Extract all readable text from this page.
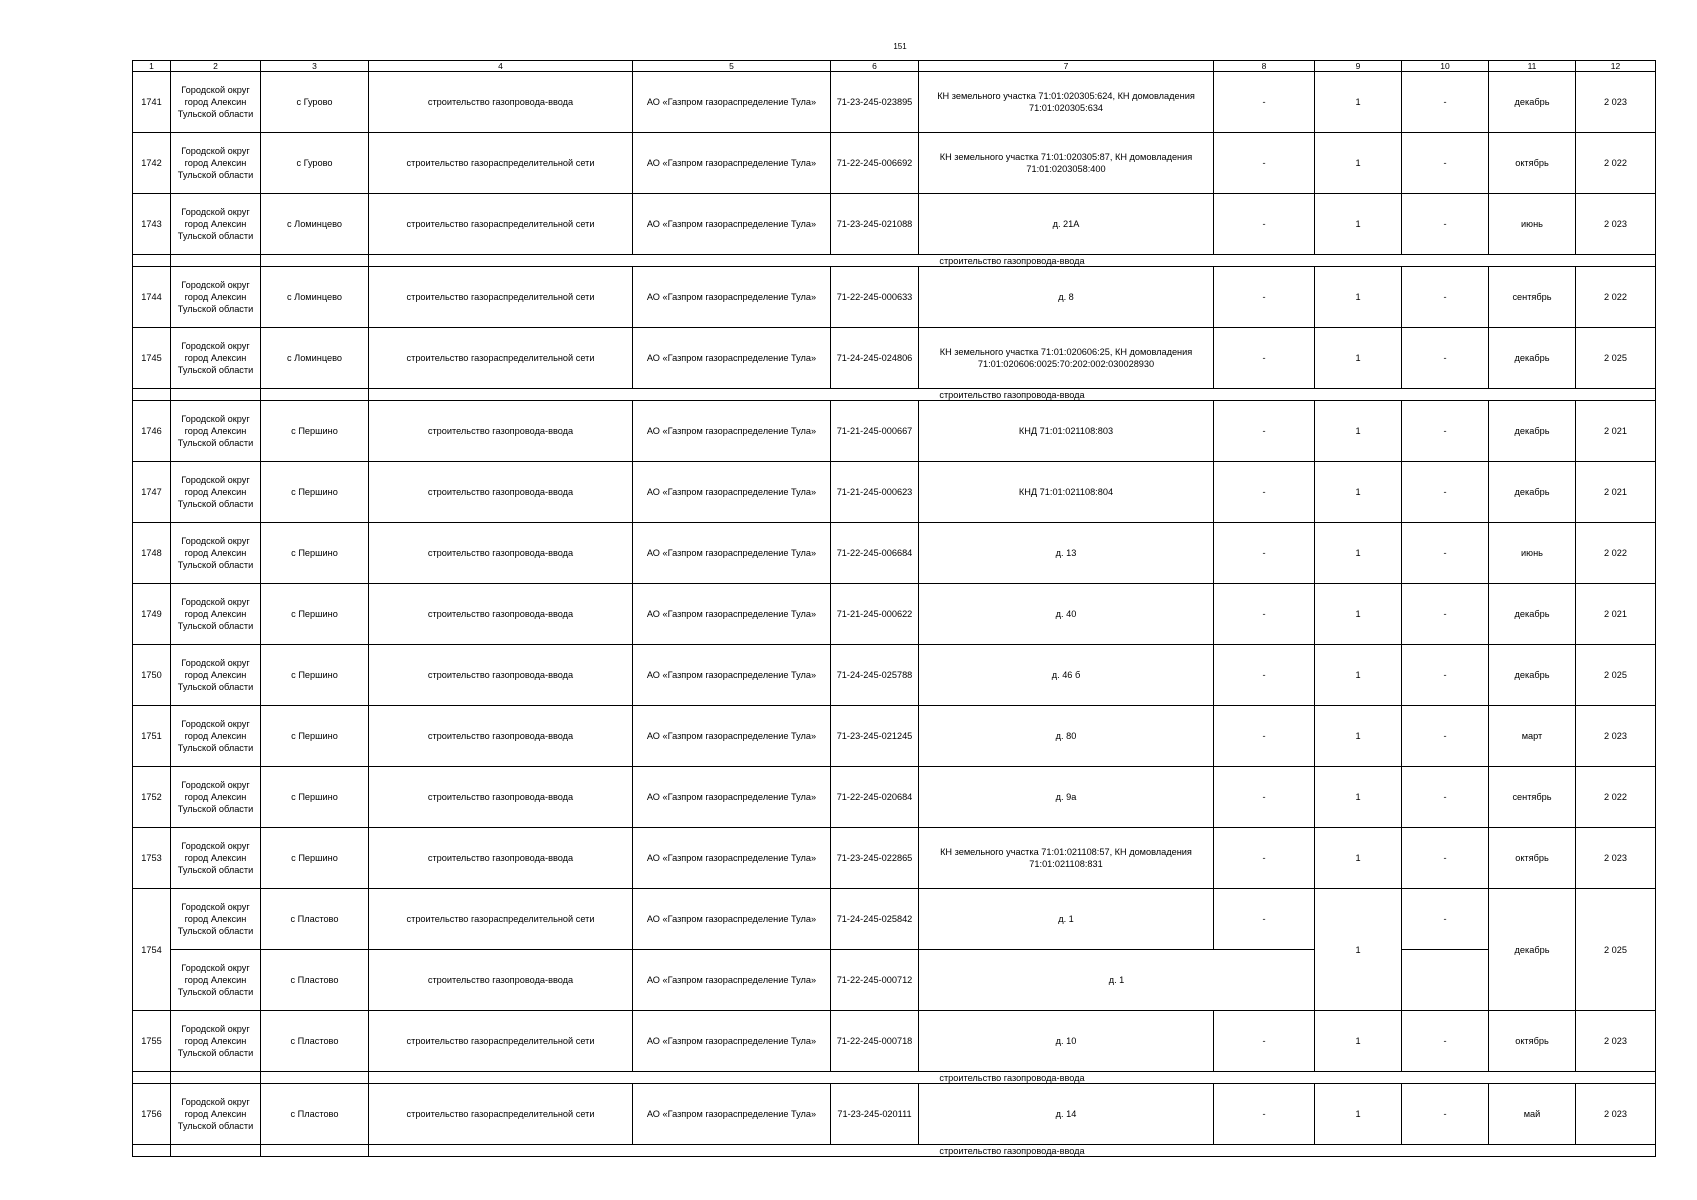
151
1	2	3	4	5	6	7	8	9	10	11	12
1741	Городской округ город Алексин Тульской области	с Гурово	строительство газопровода-ввода	АО «Газпром газораспределение Тула»	71-23-245-023895	КН земельного участка 71:01:020305:624, КН домовладения 71:01:020305:634	-	1	-	декабрь	2 023
1742	Городской округ город Алексин Тульской области	с Гурово	строительство газораспределительной сети	АО «Газпром газораспределение Тула»	71-22-245-006692	КН земельного участка 71:01:020305:87, КН домовладения 71:01:0203058:400	-	1	-	октябрь	2 022
1743	Городской округ город Алексин Тульской области	с Ломинцево	строительство газораспределительной сети	АО «Газпром газораспределение Тула»	71-23-245-021088	д. 21А	-	1	-	июнь	2 023
			строительство газопровода-ввода								
1744	Городской округ город Алексин Тульской области	с Ломинцево	строительство газораспределительной сети	АО «Газпром газораспределение Тула»	71-22-245-000633	д. 8	-	1	-	сентябрь	2 022
1745	Городской округ город Алексин Тульской области	с Ломинцево	строительство газораспределительной сети	АО «Газпром газораспределение Тула»	71-24-245-024806	КН земельного участка 71:01:020606:25, КН домовладения 71:01:020606:0025:70:202:002:030028930	-	1	-	декабрь	2 025
			строительство газопровода-ввода								
1746	Городской округ город Алексин Тульской области	с Першино	строительство газопровода-ввода	АО «Газпром газораспределение Тула»	71-21-245-000667	КНД 71:01:021108:803	-	1	-	декабрь	2 021
1747	Городской округ город Алексин Тульской области	с Першино	строительство газопровода-ввода	АО «Газпром газораспределение Тула»	71-21-245-000623	КНД 71:01:021108:804	-	1	-	декабрь	2 021
1748	Городской округ город Алексин Тульской области	с Першино	строительство газопровода-ввода	АО «Газпром газораспределение Тула»	71-22-245-006684	д. 13	-	1	-	июнь	2 022
1749	Городской округ город Алексин Тульской области	с Першино	строительство газопровода-ввода	АО «Газпром газораспределение Тула»	71-21-245-000622	д. 40	-	1	-	декабрь	2 021
1750	Городской округ город Алексин Тульской области	с Першино	строительство газопровода-ввода	АО «Газпром газораспределение Тула»	71-24-245-025788	д. 46 б	-	1	-	декабрь	2 025
1751	Городской округ город Алексин Тульской области	с Першино	строительство газопровода-ввода	АО «Газпром газораспределение Тула»	71-23-245-021245	д. 80	-	1	-	март	2 023
1752	Городской округ город Алексин Тульской области	с Першино	строительство газопровода-ввода	АО «Газпром газораспределение Тула»	71-22-245-020684	д. 9а	-	1	-	сентябрь	2 022
1753	Городской округ город Алексин Тульской области	с Першино	строительство газопровода-ввода	АО «Газпром газораспределение Тула»	71-23-245-022865	КН земельного участка 71:01:021108:57, КН домовладения 71:01:021108:831	-	1	-	октябрь	2 023
1754	Городской округ город Алексин Тульской области	с Пластово	строительство газораспределительной сети	АО «Газпром газораспределение Тула»	71-24-245-025842	д. 1	-	1	-	декабрь	2 025
	Городской округ город Алексин Тульской области	с Пластово	строительство газопровода-ввода	АО «Газпром газораспределение Тула»	71-22-245-000712	д. 1					
1755	Городской округ город Алексин Тульской области	с Пластово	строительство газораспределительной сети	АО «Газпром газораспределение Тула»	71-22-245-000718	д. 10	-	1	-	октябрь	2 023
			строительство газопровода-ввода								
1756	Городской округ город Алексин Тульской области	с Пластово	строительство газораспределительной сети	АО «Газпром газораспределение Тула»	71-23-245-020111	д. 14	-	1	-	май	2 023
			строительство газопровода-ввода								
